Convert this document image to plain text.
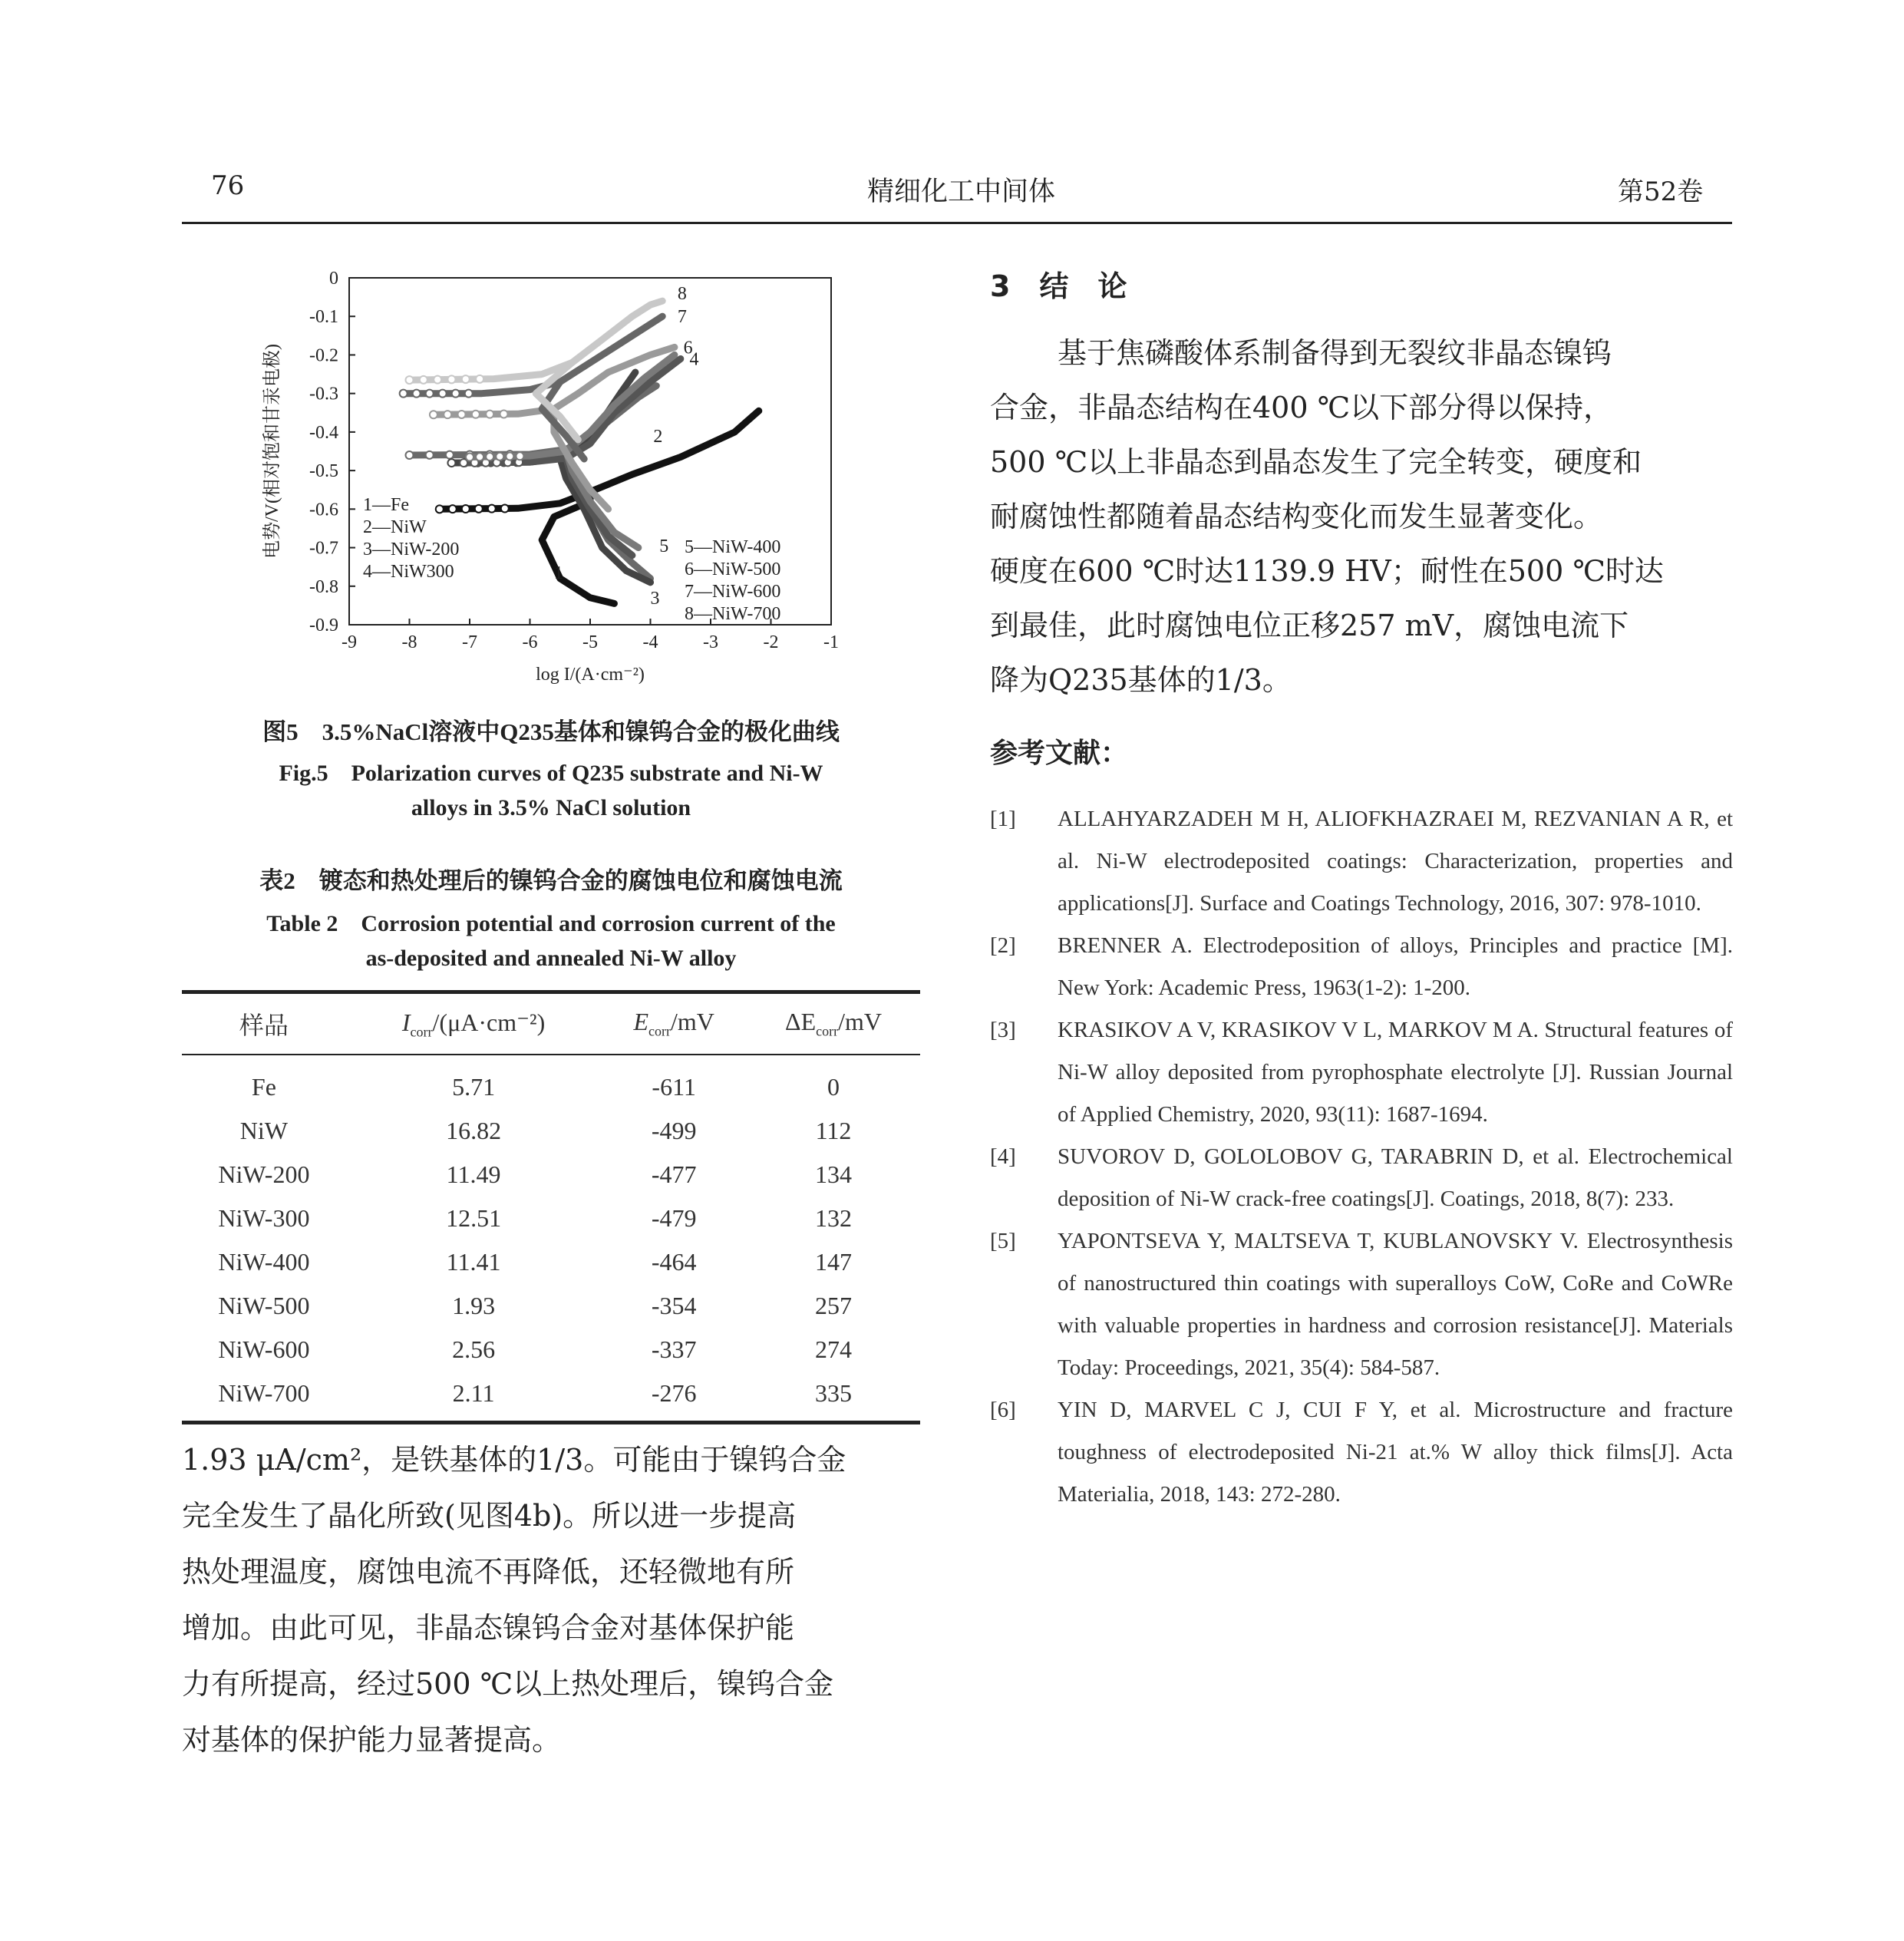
76	精细化工中间体	第52卷
-9 -8 -7 -6 -5 -4 -3 -2 -1
0
-0.1
-0.2
-0.3
-0.4
-0.5
-0.6
-0.7
-0.8
-0.9
log I/(A·cm⁻²)
电势/V(相对饱和甘汞电极)	1—Fe
2—NiW
3—NiW-200
4—NiW300
5—NiW-400
6—NiW-500
7—NiW-600
8—NiW-700
8
7
6
4
2
5
1
3
图5　3.5%NaCl溶液中Q235基体和镍钨合金的极化曲线
Fig.5　Polarization curves of Q235 substrate and Ni-W
alloys in 3.5% NaCl solution
表2　镀态和热处理后的镍钨合金的腐蚀电位和腐蚀电流
Table 2　Corrosion potential and corrosion current of the
as-deposited and annealed Ni-W alloy
样品	$I_{corr}/(\mu A\cdot cm^{-2})$	$E_{corr}/mV$	$\Delta E_{corr}/mV$
Fe	5.71	-611	0
NiW	16.82	-499	112
NiW-200	11.49	-477	134
NiW-300	12.51	-479	132
NiW-400	11.41	-464	147
NiW-500	1.93	-354	257
NiW-600	2.56	-337	274
NiW-700	2.11	-276	335

1.93 μA/cm²，是铁基体的1/3。可能由于镍钨合金

完全发生了晶化所致(见图4b)。所以进一步提高

热处理温度，腐蚀电流不再降低，还轻微地有所

增加。由此可见，非晶态镍钨合金对基体保护能

力有所提高，经过500 ℃以上热处理后，镍钨合金

对基体的保护能力显著提高。

3　结　论

基于焦磷酸体系制备得到无裂纹非晶态镍钨

合金，非晶态结构在400 ℃以下部分得以保持，

500 ℃以上非晶态到晶态发生了完全转变，硬度和

耐腐蚀性都随着晶态结构变化而发生显著变化。

硬度在600 ℃时达1139.9 HV；耐性在500 ℃时达

到最佳，此时腐蚀电位正移257 mV，腐蚀电流下

降为Q235基体的1/3。

参考文献：
[1] ALLAHYARZADEH M H, ALIOFKHAZRAEI M, REZVANIAN A R, et al. Ni-W electrodeposited coatings: Characterization, properties and applications[J]. Surface and Coatings Technology, 2016, 307: 978-1010.
[2] BRENNER A. Electrodeposition of alloys, Principles and practice [M]. New York: Academic Press, 1963(1-2): 1-200.
[3] KRASIKOV A V, KRASIKOV V L, MARKOV M A. Structural features of Ni-W alloy deposited from pyrophosphate electrolyte [J]. Russian Journal of Applied Chemistry, 2020, 93(11): 1687-1694.
[4] SUVOROV D, GOLOLOBOV G, TARABRIN D, et al. Electrochemical deposition of Ni-W crack-free coatings[J]. Coatings, 2018, 8(7): 233.
[5] YAPONTSEVA Y, MALTSEVA T, KUBLANOVSKY V. Electrosynthesis of nanostructured thin coatings with superalloys CoW, CoRe and CoWRe with valuable properties in hardness and corrosion resistance[J]. Materials Today: Proceedings, 2021, 35(4): 584-587.
[6] YIN D, MARVEL C J, CUI F Y, et al. Microstructure and fracture toughness of electrodeposited Ni-21 at.% W alloy thick films[J]. Acta Materialia, 2018, 143: 272-280.
